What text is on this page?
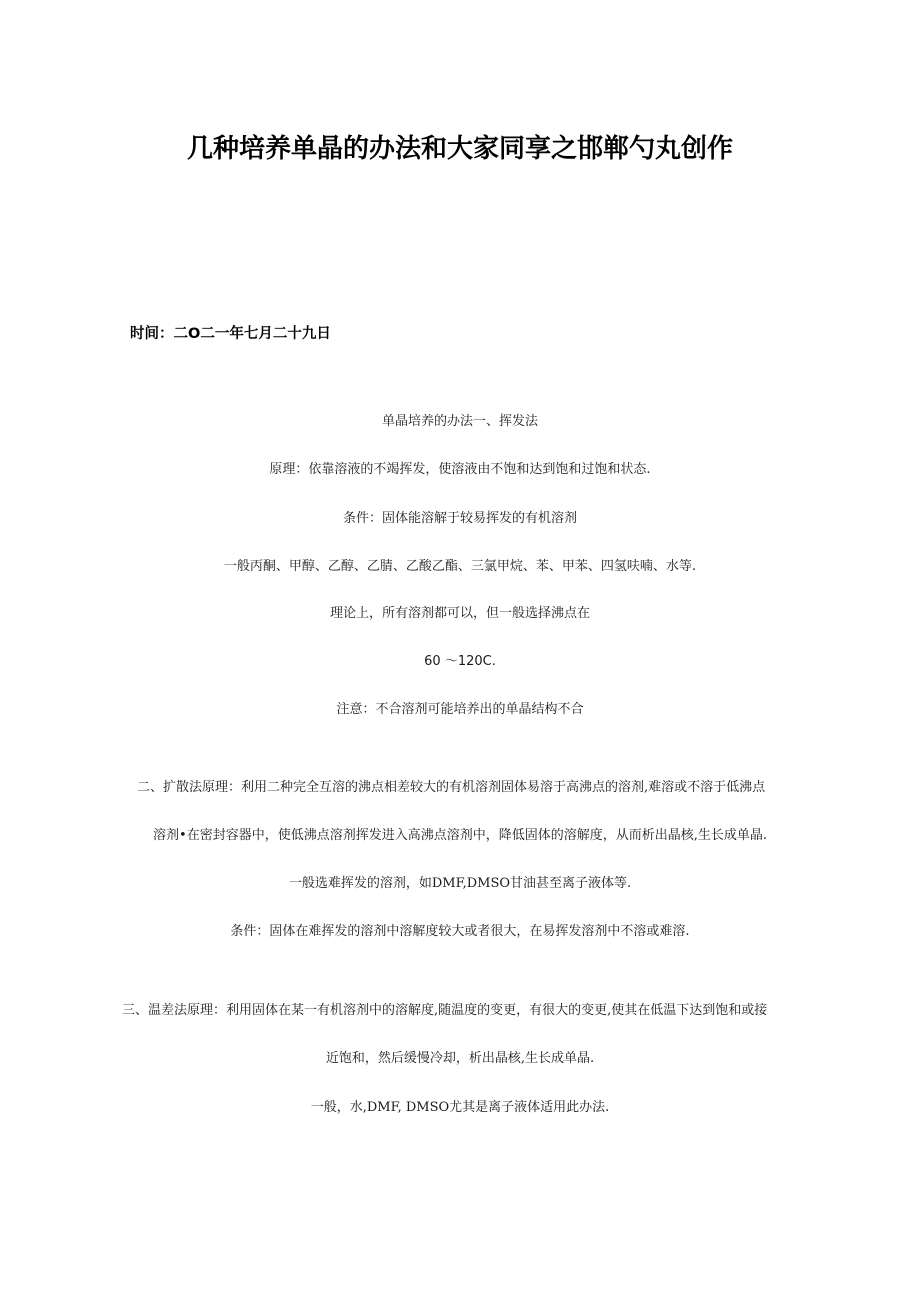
几种培养单晶的办法和大家同享之邯郸勺丸创作
时间：二O二一年七月二十九日
单晶培养的办法一、挥发法
原理：依靠溶液的不竭挥发，使溶液由不饱和达到饱和过饱和状态.
条件：固体能溶解于较易挥发的有机溶剂
一般丙酮、甲醇、乙醇、乙腈、乙酸乙酯、三氯甲烷、苯、甲苯、四氢呋喃、水等.
理论上，所有溶剂都可以，但一般选择沸点在
60 ～120C.
注意：不合溶剂可能培养出的单晶结构不合
二、扩散法原理：利用二种完全互溶的沸点相差较大的有机溶剂固体易溶于高沸点的溶剂,难溶或不溶于低沸点
溶剂•在密封容器中，使低沸点溶剂挥发进入高沸点溶剂中，降低固体的溶解度，从而析出晶核,生长成单晶.
一般选难挥发的溶剂，如DMF,DMSO甘油甚至离子液体等.
条件：固体在难挥发的溶剂中溶解度较大或者很大，在易挥发溶剂中不溶或难溶.
三、温差法原理：利用固体在某一有机溶剂中的溶解度,随温度的变更，有很大的变更,使其在低温下达到饱和或接
近饱和，然后缓慢冷却，析出晶核,生长成单晶.
一般，水,DMF, DMSO尤其是离子液体适用此办法.
